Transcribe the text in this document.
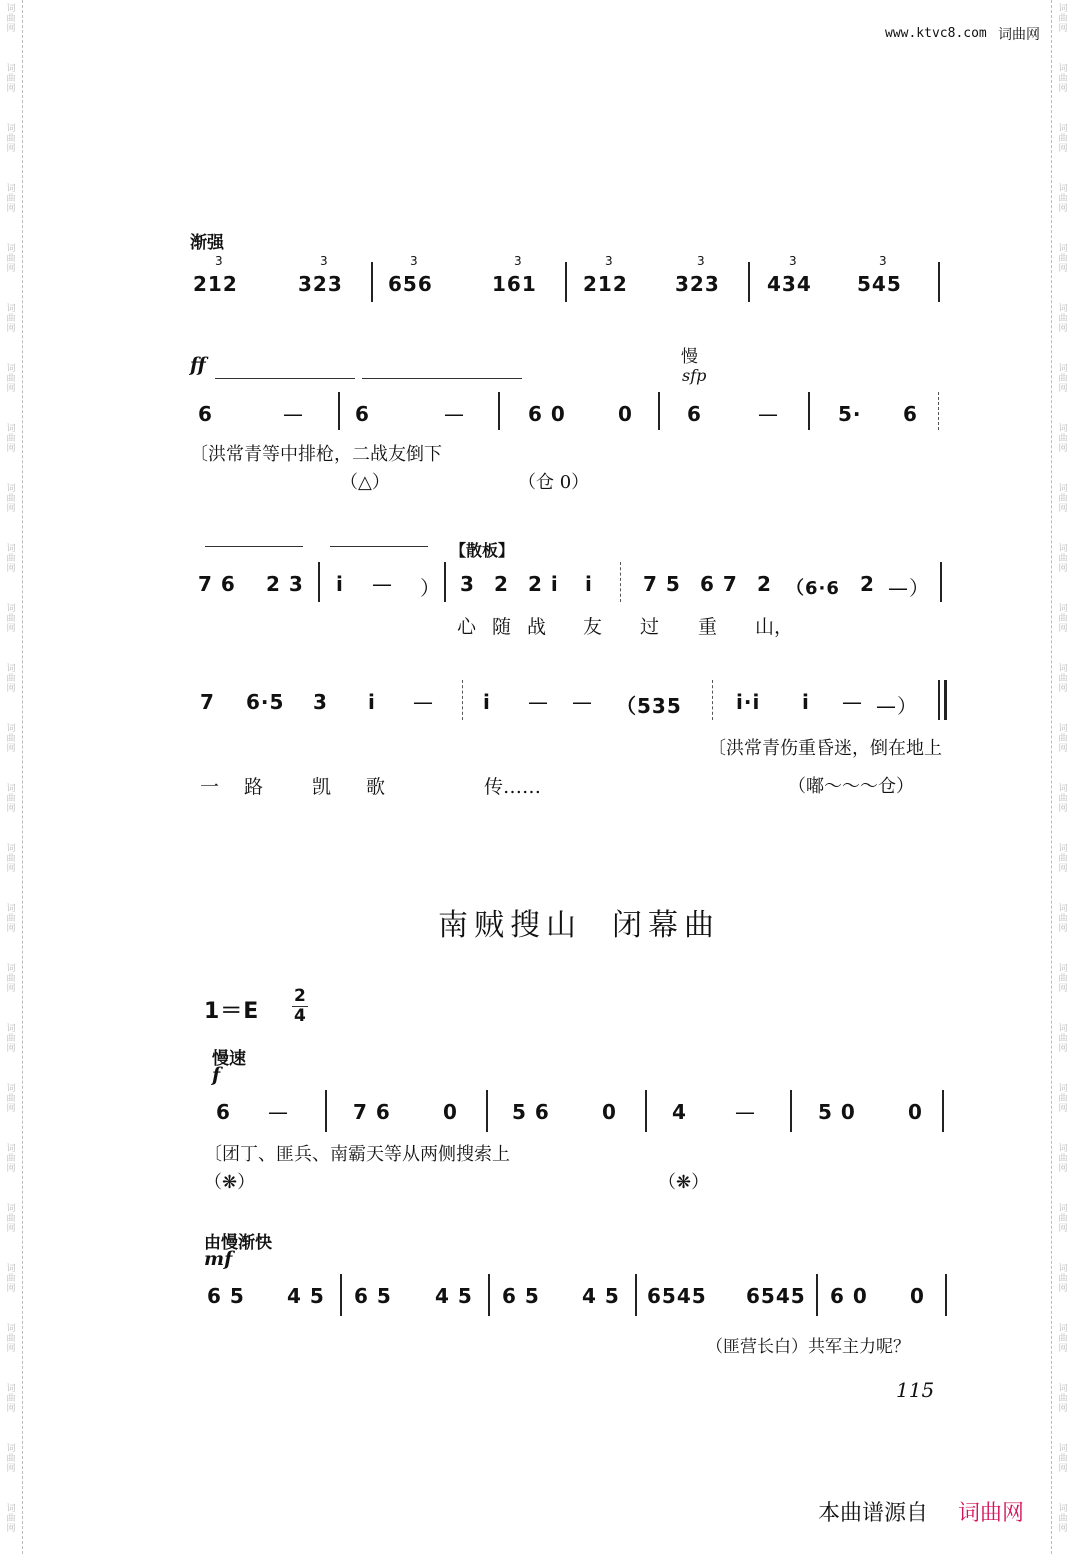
词曲网
词曲网
词曲网
词曲网
词曲网
词曲网
词曲网
词曲网
词曲网
词曲网
词曲网
词曲网
词曲网
词曲网
词曲网
词曲网
词曲网
词曲网
词曲网
词曲网
词曲网
词曲网
词曲网
词曲网
词曲网
词曲网
词曲网
词曲网
词曲网
词曲网
词曲网
词曲网
词曲网
词曲网
词曲网
词曲网
词曲网
词曲网
词曲网
词曲网
词曲网
词曲网
词曲网
词曲网
词曲网
词曲网
词曲网
词曲网
词曲网
词曲网
词曲网
词曲网
www.ktvc8.com 词曲网
渐强
212	323 656	161 212 323 434 545
3	3	3	3	3	3	3	3
ff	慢
sfp
6	—	6	—	6 0	0	6	—	5· 6
〔洪常青等中排枪，二战友倒下
（△）	（仓 0）
【散板】
7 6 2 3 i — ） 3 2 2 i i	7 5 6 7 2 （6·6 2 —）
心 随 战 友 过 重 山，
7 6·5 3 i — i — — （535	i·i i — —）
〔洪常青伤重昏迷，倒在地上
一 路	凯 歌	传……	（嘟～～～仓）
南贼搜山 闭幕曲
1＝E
2
4
慢速
f
6 —	7 6	0	5 6	0	4 —	5 0	0
〔团丁、匪兵、南霸天等从两侧搜索上
（❋）	（❋）
由慢渐快
mf
6 5 4 5 6 5 4 5 6 5 4 5 6545 6545 6 0 0
（匪营长白）共军主力呢？
115
本曲谱源自 词曲网
